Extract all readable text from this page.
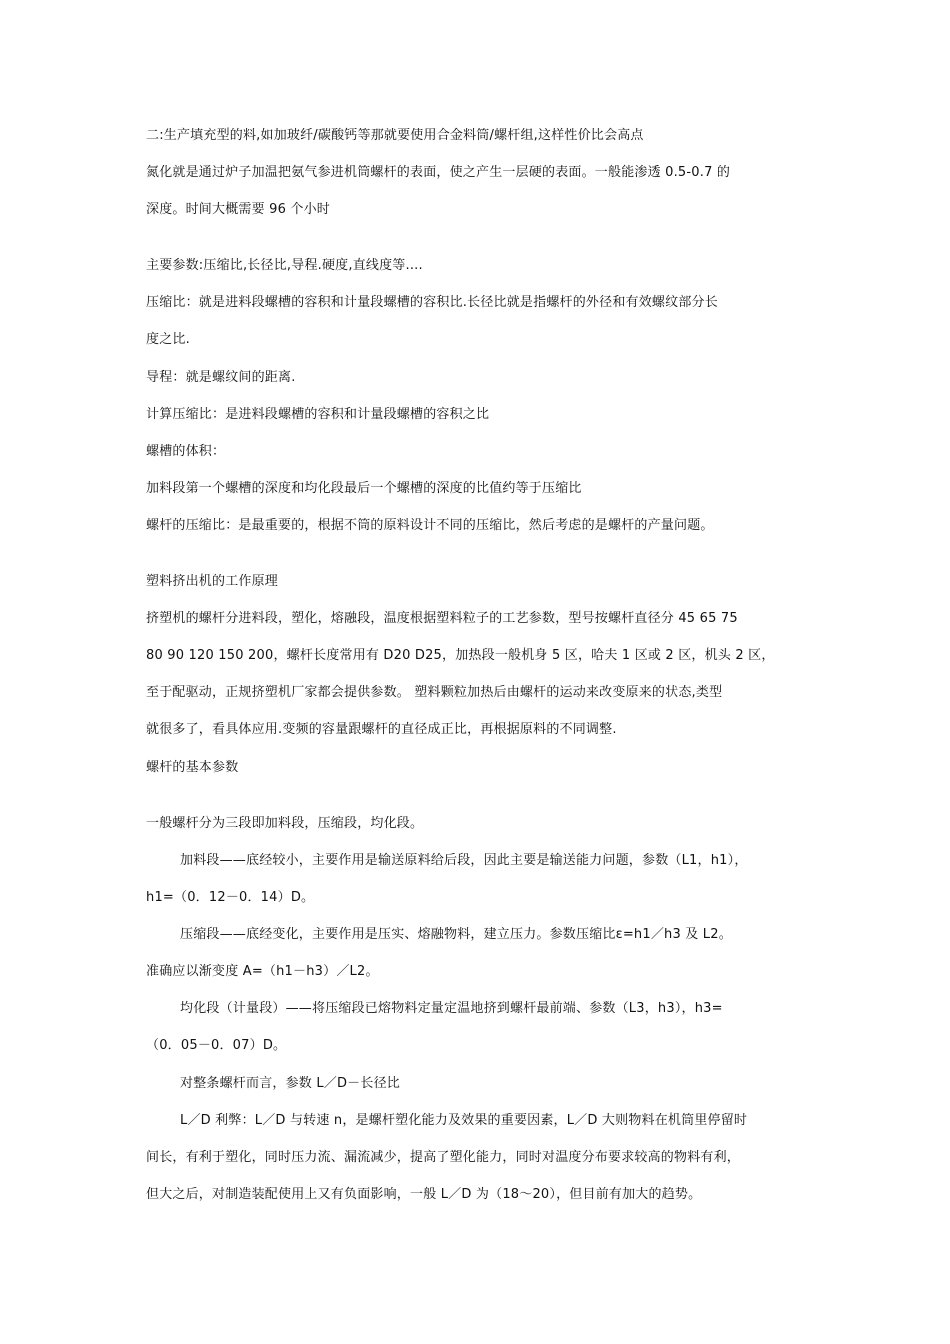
二:生产填充型的料,如加玻纤/碳酸钙等那就要使用合金料筒/螺杆组,这样性价比会高点
氮化就是通过炉子加温把氨气参进机筒螺杆的表面，使之产生一层硬的表面。一般能渗透 0.5-0.7 的
深度。时间大概需要 96 个小时
主要参数:压缩比,长径比,导程.硬度,直线度等....
压缩比：就是进料段螺槽的容积和计量段螺槽的容积比.长径比就是指螺杆的外径和有效螺纹部分长
度之比.
导程：就是螺纹间的距离.
计算压缩比：是进料段螺槽的容积和计量段螺槽的容积之比
螺槽的体积：
加料段第一个螺槽的深度和均化段最后一个螺槽的深度的比值约等于压缩比
螺杆的压缩比：是最重要的，根据不筒的原料设计不同的压缩比，然后考虑的是螺杆的产量问题。
塑料挤出机的工作原理
挤塑机的螺杆分进料段，塑化，熔融段，温度根据塑料粒子的工艺参数，型号按螺杆直径分 45 65 75
80 90 120 150 200，螺杆长度常用有 D20 D25，加热段一般机身 5 区，哈夫 1 区或 2 区，机头 2 区，
至于配驱动，正规挤塑机厂家都会提供参数。 塑料颗粒加热后由螺杆的运动来改变原来的状态,类型
就很多了，看具体应用.变频的容量跟螺杆的直径成正比，再根据原料的不同调整.
螺杆的基本参数
一般螺杆分为三段即加料段，压缩段，均化段。
加料段——底经较小，主要作用是输送原料给后段，因此主要是输送能力问题，参数（L1，h1），
h1=（0．12－0．14）D。
压缩段——底经变化，主要作用是压实、熔融物料，建立压力。参数压缩比ε=h1／h3 及 L2。
准确应以渐变度 A=（h1－h3）／L2。
均化段（计量段）——将压缩段已熔物料定量定温地挤到螺杆最前端、参数（L3，h3），h3=
（0．05－0．07）D。
对整条螺杆而言，参数 L／D－长径比
L／D 利弊：L／D 与转速 n，是螺杆塑化能力及效果的重要因素，L／D 大则物料在机筒里停留时
间长，有利于塑化，同时压力流、漏流减少，提高了塑化能力，同时对温度分布要求较高的物料有利，
但大之后，对制造装配使用上又有负面影响，一般 L／D 为（18～20），但目前有加大的趋势。
